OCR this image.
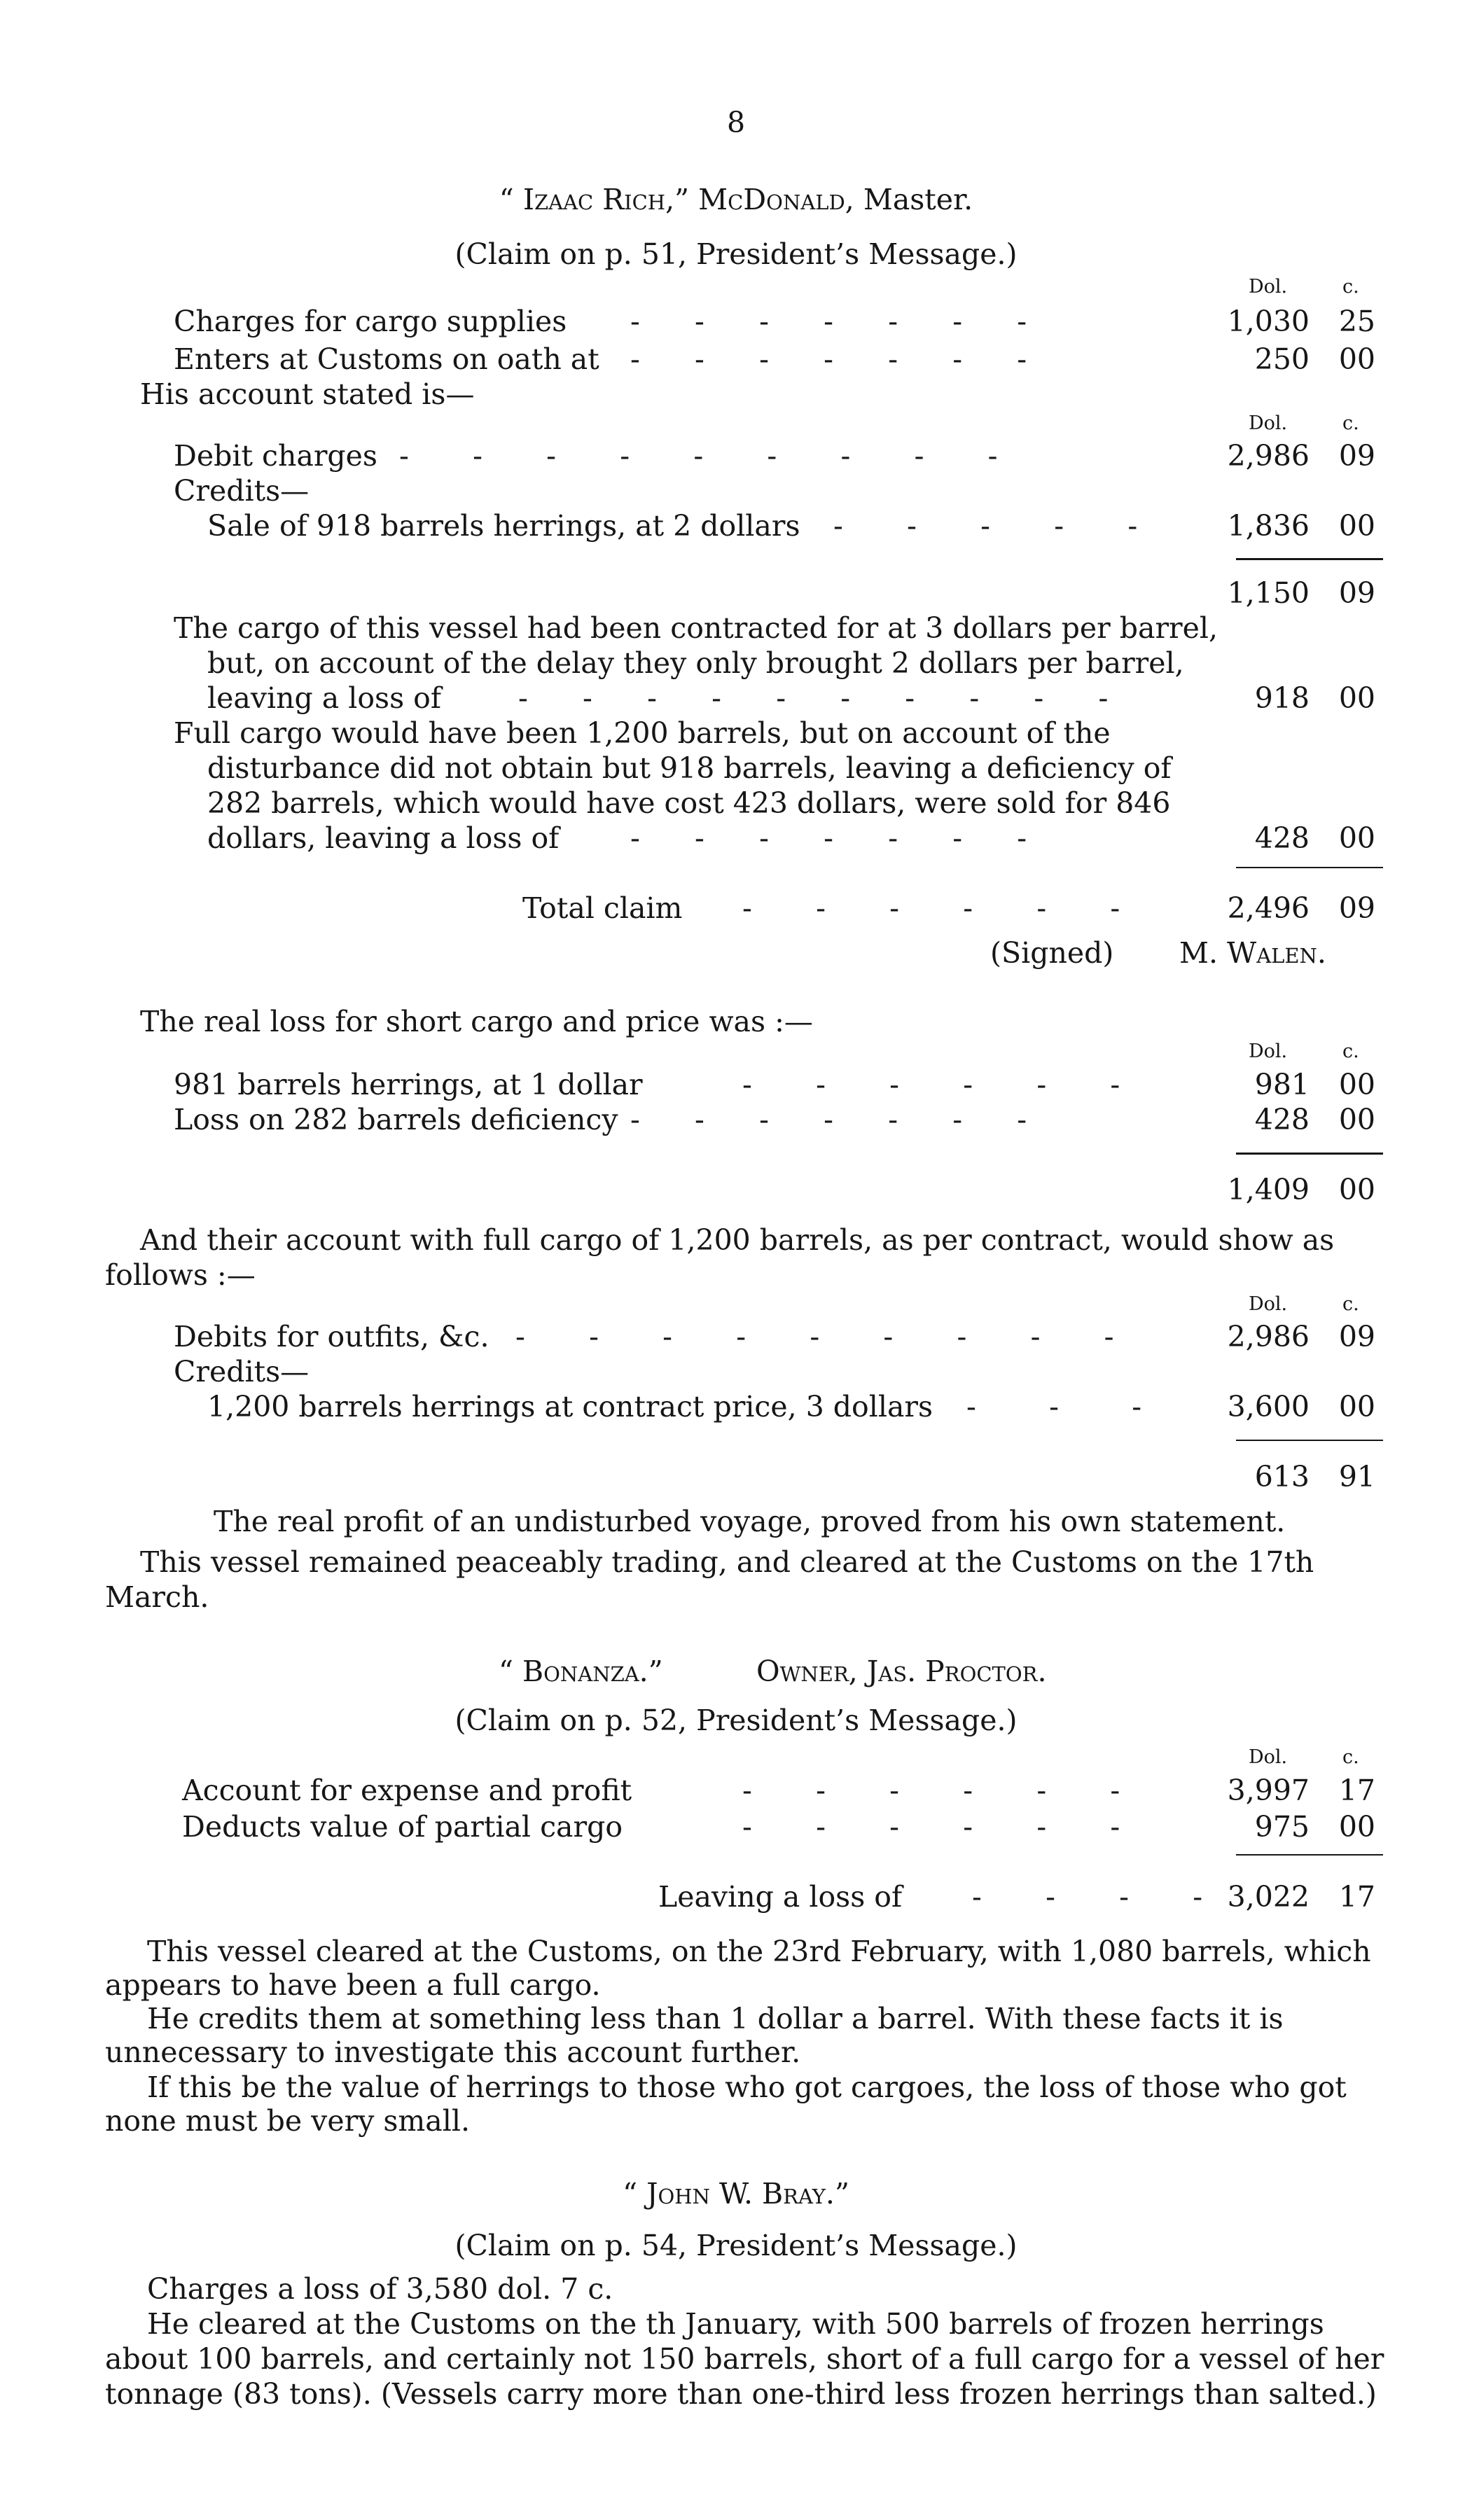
8
“ Izaac Rich,” McDonald, Master.
(Claim on p. 51, President’s Message.)
Dol.	c.
Charges for cargo supplies -      -      -      -      -      -      -	1,030 25
Enters at Customs on oath at -      -      -      -      -      -      -	250 00
His account stated is—
Dol.	c.
Debit charges -       -       -       -       -       -       -       -       -	2,986 09
Credits—
Sale of 918 barrels herrings, at 2 dollars -       -       -       -       -	1,836 00
1,150 09
The cargo of this vessel had been contracted for at 3 dollars per barrel,
but, on account of the delay they only brought 2 dollars per barrel,
leaving a loss of	-      -      -      -      -      -      -      -      -      -	918 00
Full cargo would have been 1,200 barrels, but on account of the
disturbance did not obtain but 918 barrels, leaving a deficiency of
282 barrels, which would have cost 423 dollars, were sold for 846
dollars, leaving a loss of -      -      -      -      -      -      -	428 00
Total claim -       -       -       -       -       -	2,496 09
(Signed) M. Walen.
The real loss for short cargo and price was :—
Dol.	c.
981 barrels herrings, at 1 dollar	-       -       -       -       -       -	981 00
Loss on 282 barrels deficiency -      -      -      -      -      -      -	428 00
1,409 00
And their account with full cargo of 1,200 barrels, as per contract, would show as
follows :—
Dol.	c.
Debits for outfits, &c. -       -       -       -       -       -       -       -       -	2,986 09
Credits—
1,200 barrels herrings at contract price, 3 dollars -        -        -	3,600 00
613 91
The real profit of an undisturbed voyage, proved from his own statement.
This vessel remained peaceably trading, and cleared at the Customs on the 17th
March.
“ Bonanza.”	Owner, Jas. Proctor.
(Claim on p. 52, President’s Message.)
Dol.	c.
Account for expense and profit	-       -       -       -       -       -	3,997 17
Deducts value of partial cargo	-       -       -       -       -       -	975 00
Leaving a loss of -       -       -       - 3,022 17
This vessel cleared at the Customs, on the 23rd February, with 1,080 barrels, which
appears to have been a full cargo.
He credits them at something less than 1 dollar a barrel. With these facts it is
unnecessary to investigate this account further.
If this be the value of herrings to those who got cargoes, the loss of those who got
none must be very small.
“ John W. Bray.”
(Claim on p. 54, President’s Message.)
Charges a loss of 3,580 dol. 7 c.
He cleared at the Customs on the th January, with 500 barrels of frozen herrings
about 100 barrels, and certainly not 150 barrels, short of a full cargo for a vessel of her
tonnage (83 tons). (Vessels carry more than one-third less frozen herrings than salted.)
